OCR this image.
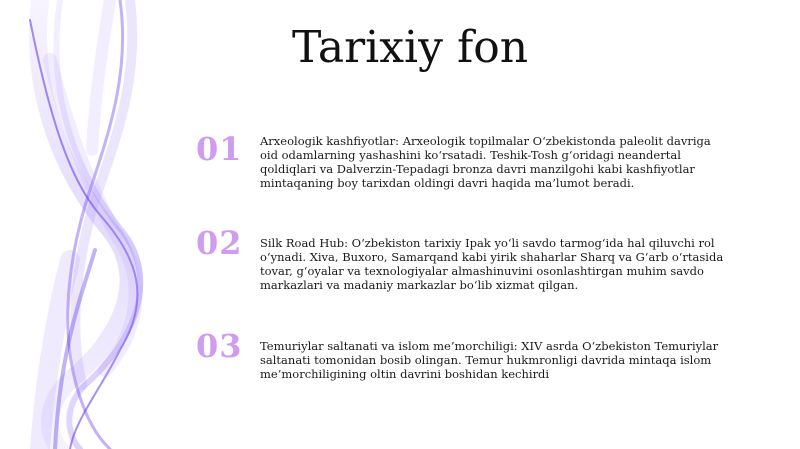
Tarixiy fon
01	Arxeologik kashfiyotlar: Arxeologik topilmalar O‘zbekistonda paleolit davriga oid odamlarning yashashini ko‘rsatadi. Teshik-Tosh g‘oridagi neandertal qoldiqlari va Dalverzin-Tepadagi bronza davri manzilgohi kabi kashfiyotlar mintaqaning boy tarixdan oldingi davri haqida ma’lumot beradi.
02	Silk Road Hub: O‘zbekiston tarixiy Ipak yo‘li savdo tarmog‘ida hal qiluvchi rol o‘ynadi. Xiva, Buxoro, Samarqand kabi yirik shaharlar Sharq va G‘arb o‘rtasida tovar, g‘oyalar va texnologiyalar almashinuvini osonlashtirgan muhim savdo markazlari va madaniy markazlar bo‘lib xizmat qilgan.
03	Temuriylar saltanati va islom me’morchiligi: XIV asrda O‘zbekiston Temuriylar saltanati tomonidan bosib olingan. Temur hukmronligi davrida mintaqa islom me’morchiligining oltin davrini boshidan kechirdi
